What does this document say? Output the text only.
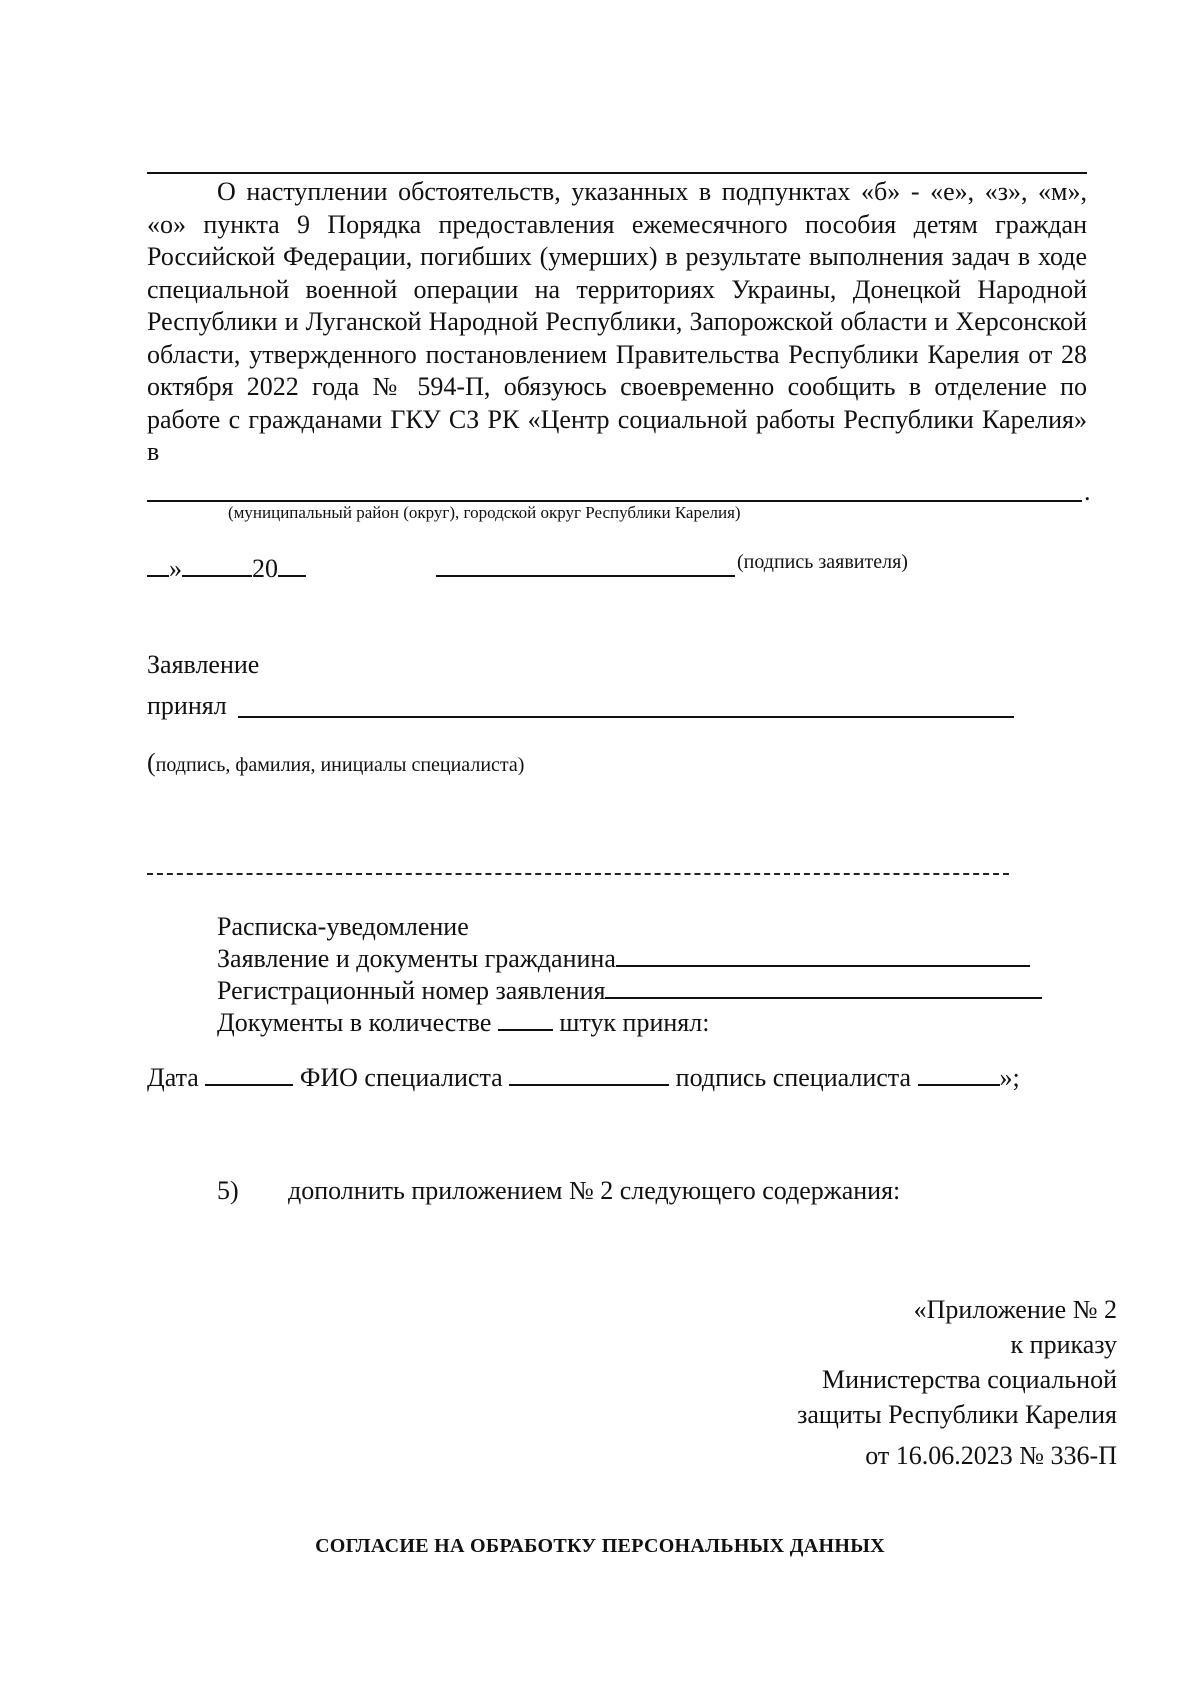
О наступлении обстоятельств, указанных в подпунктах «б» - «е», «з», «м», «о» пункта 9 Порядка предоставления ежемесячного пособия детям граждан Российской Федерации, погибших (умерших) в результате выполнения задач в ходе специальной военной операции на территориях Украины, Донецкой Народной Республики и Луганской Народной Республики, Запорожской области и Херсонской области, утвержденного постановлением Правительства Республики Карелия от 28 октября 2022 года № 594-П, обязуюсь своевременно сообщить в отделение по работе с гражданами ГКУ СЗ РК «Центр социальной работы Республики Карелия» в
.
(муниципальный район (округ), городской округ Республики Карелия)
»	20	(подпись заявителя)
Заявление
принял
(подпись, фамилия, инициалы специалиста)
Расписка-уведомление
Заявление и документы гражданина
Регистрационный номер заявления
Документы в количестве	штук принял:
Дата	ФИО специалиста	подпись специалиста	»;
5) дополнить приложением № 2 следующего содержания:
«Приложение № 2
к приказу
Министерства социальной
защиты Республики Карелия
от 16.06.2023 № 336-П
СОГЛАСИЕ НА ОБРАБОТКУ ПЕРСОНАЛЬНЫХ ДАННЫХ
